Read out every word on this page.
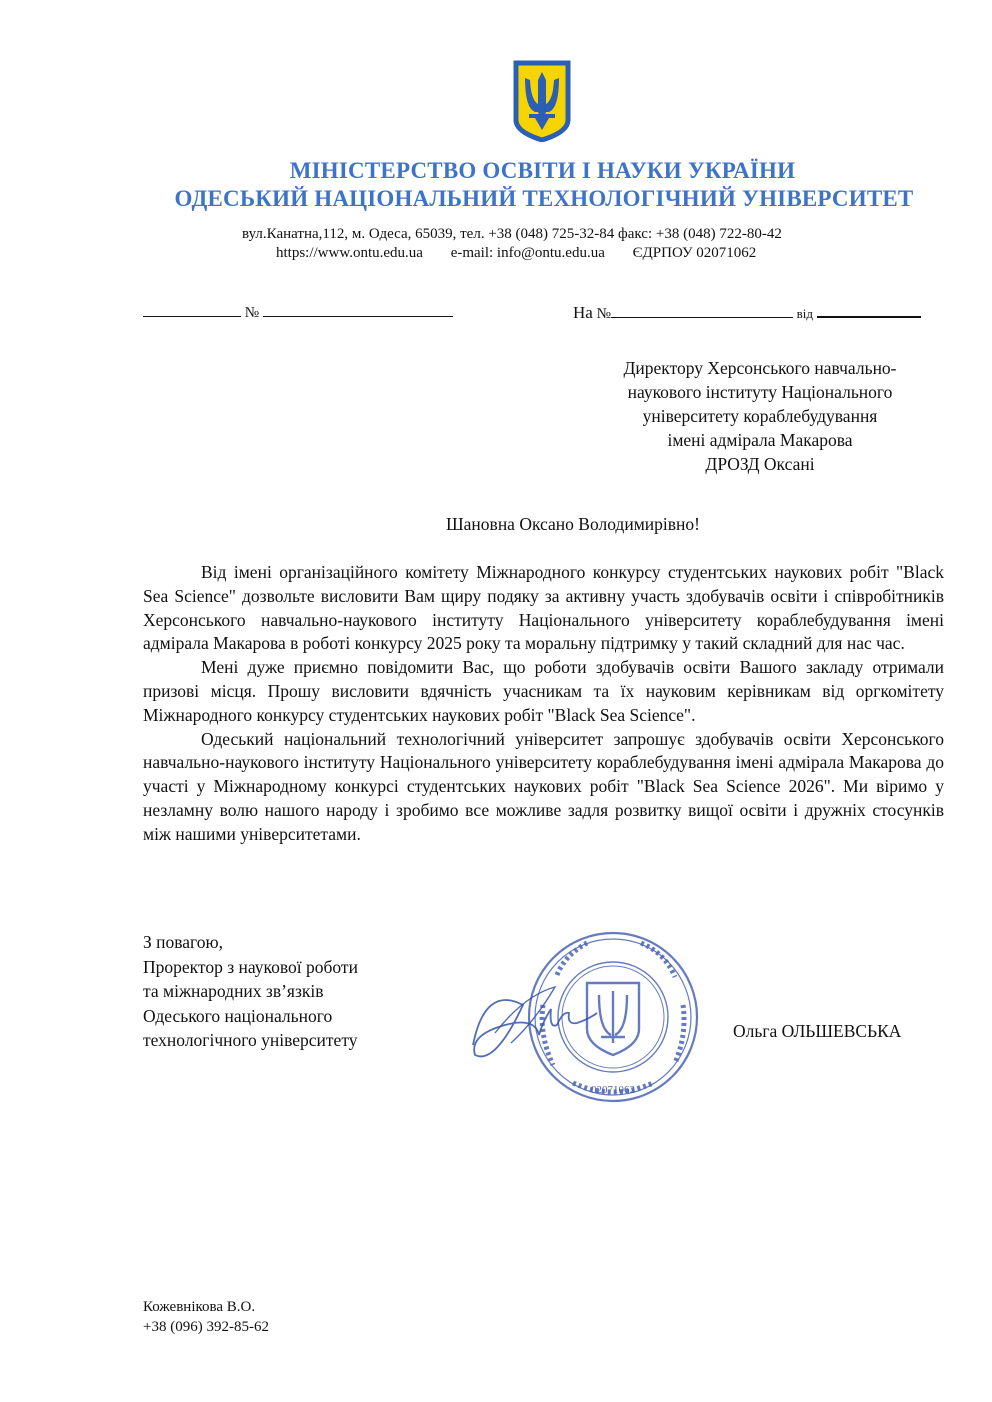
МІНІСТЕРСТВО ОСВІТИ І НАУКИ УКРАЇНИ
ОДЕСЬКИЙ НАЦІОНАЛЬНИЙ ТЕХНОЛОГІЧНИЙ УНІВЕРСИТЕТ
вул.Канатна,112, м. Одеса, 65039, тел. +38 (048) 725-32-84 факс: +38 (048) 722-80-42
https://www.ontu.edu.ua e-mail: info@ontu.edu.ua ЄДРПОУ 02071062
№	На №	від
Директору Херсонського навчально-
наукового інституту Національного
університету кораблебудування
імені адмірала Макарова
ДРОЗД Оксані
Шановна Оксано Володимирівно!

Від імені організаційного комітету Міжнародного конкурсу студентських наукових робіт "Black Sea Science" дозвольте висловити Вам щиру подяку за активну участь здобувачів освіти і співробітників Херсонського навчально-наукового інституту Національного університету кораблебудування імені адмірала Макарова в роботі конкурсу 2025 року та моральну підтримку у такий складний для нас час.

Мені дуже приємно повідомити Вас, що роботи здобувачів освіти Вашого закладу отримали призові місця. Прошу висловити вдячність учасникам та їх науковим керівникам від оргкомітету Міжнародного конкурсу студентських наукових робіт "Black Sea Science".

Одеський національний технологічний університет запрошує здобувачів освіти Херсонського навчально-наукового інституту Національного університету кораблебудування імені адмірала Макарова до участі у Міжнародному конкурсі студентських наукових робіт "Black Sea Science 2026". Ми віримо у незламну волю нашого народу і зробимо все можливе задля розвитку вищої освіти і дружніх стосунків між нашими університетами.

З повагою,
Проректор з наукової роботи
та міжнародних зв’язків
Одеського національного
технологічного університету
02071062
Ольга ОЛЬШЕВСЬКА
Кожевнікова В.О.
+38 (096) 392-85-62
